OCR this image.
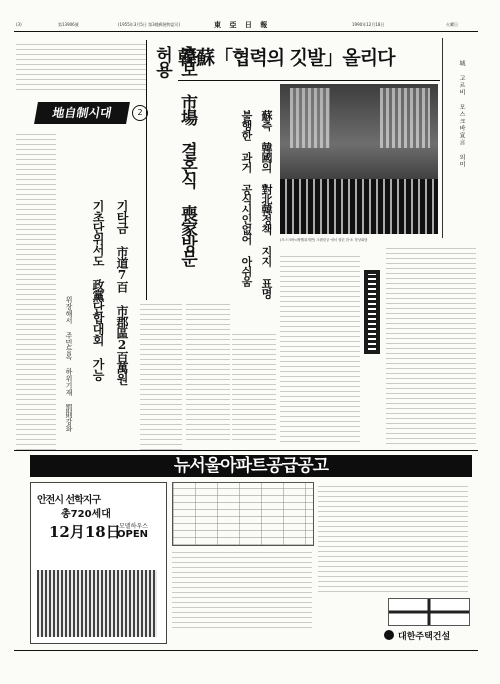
(3)	第13906號	(1955年3月5日 第3種郵便物認可)	東 亞 日 報	1990年12月18日	火曜日
韓蘇「협력의 깃발」올리다
城 고르비 모스크바宣言 의미
(모스크바=特別취재반) 크렘린궁 에서 열린 한·소 정상회담
蘇측 韓國의 對北韓정책 지지 표명
불행한 과거 공식시인없어 아쉬움
地自制시대	2	후보 市場 결혼식 喪家방문 허용
기타금 市道7百 市郡區2百萬원
기초단위서도 政黨단합대회 가능
위장해서 주민등록 하위기재 罰則강화
뉴서울아파트공급공고
안전시 선학지구
총720세대
12月18日
모델하우스
OPEN
대한주택건설
